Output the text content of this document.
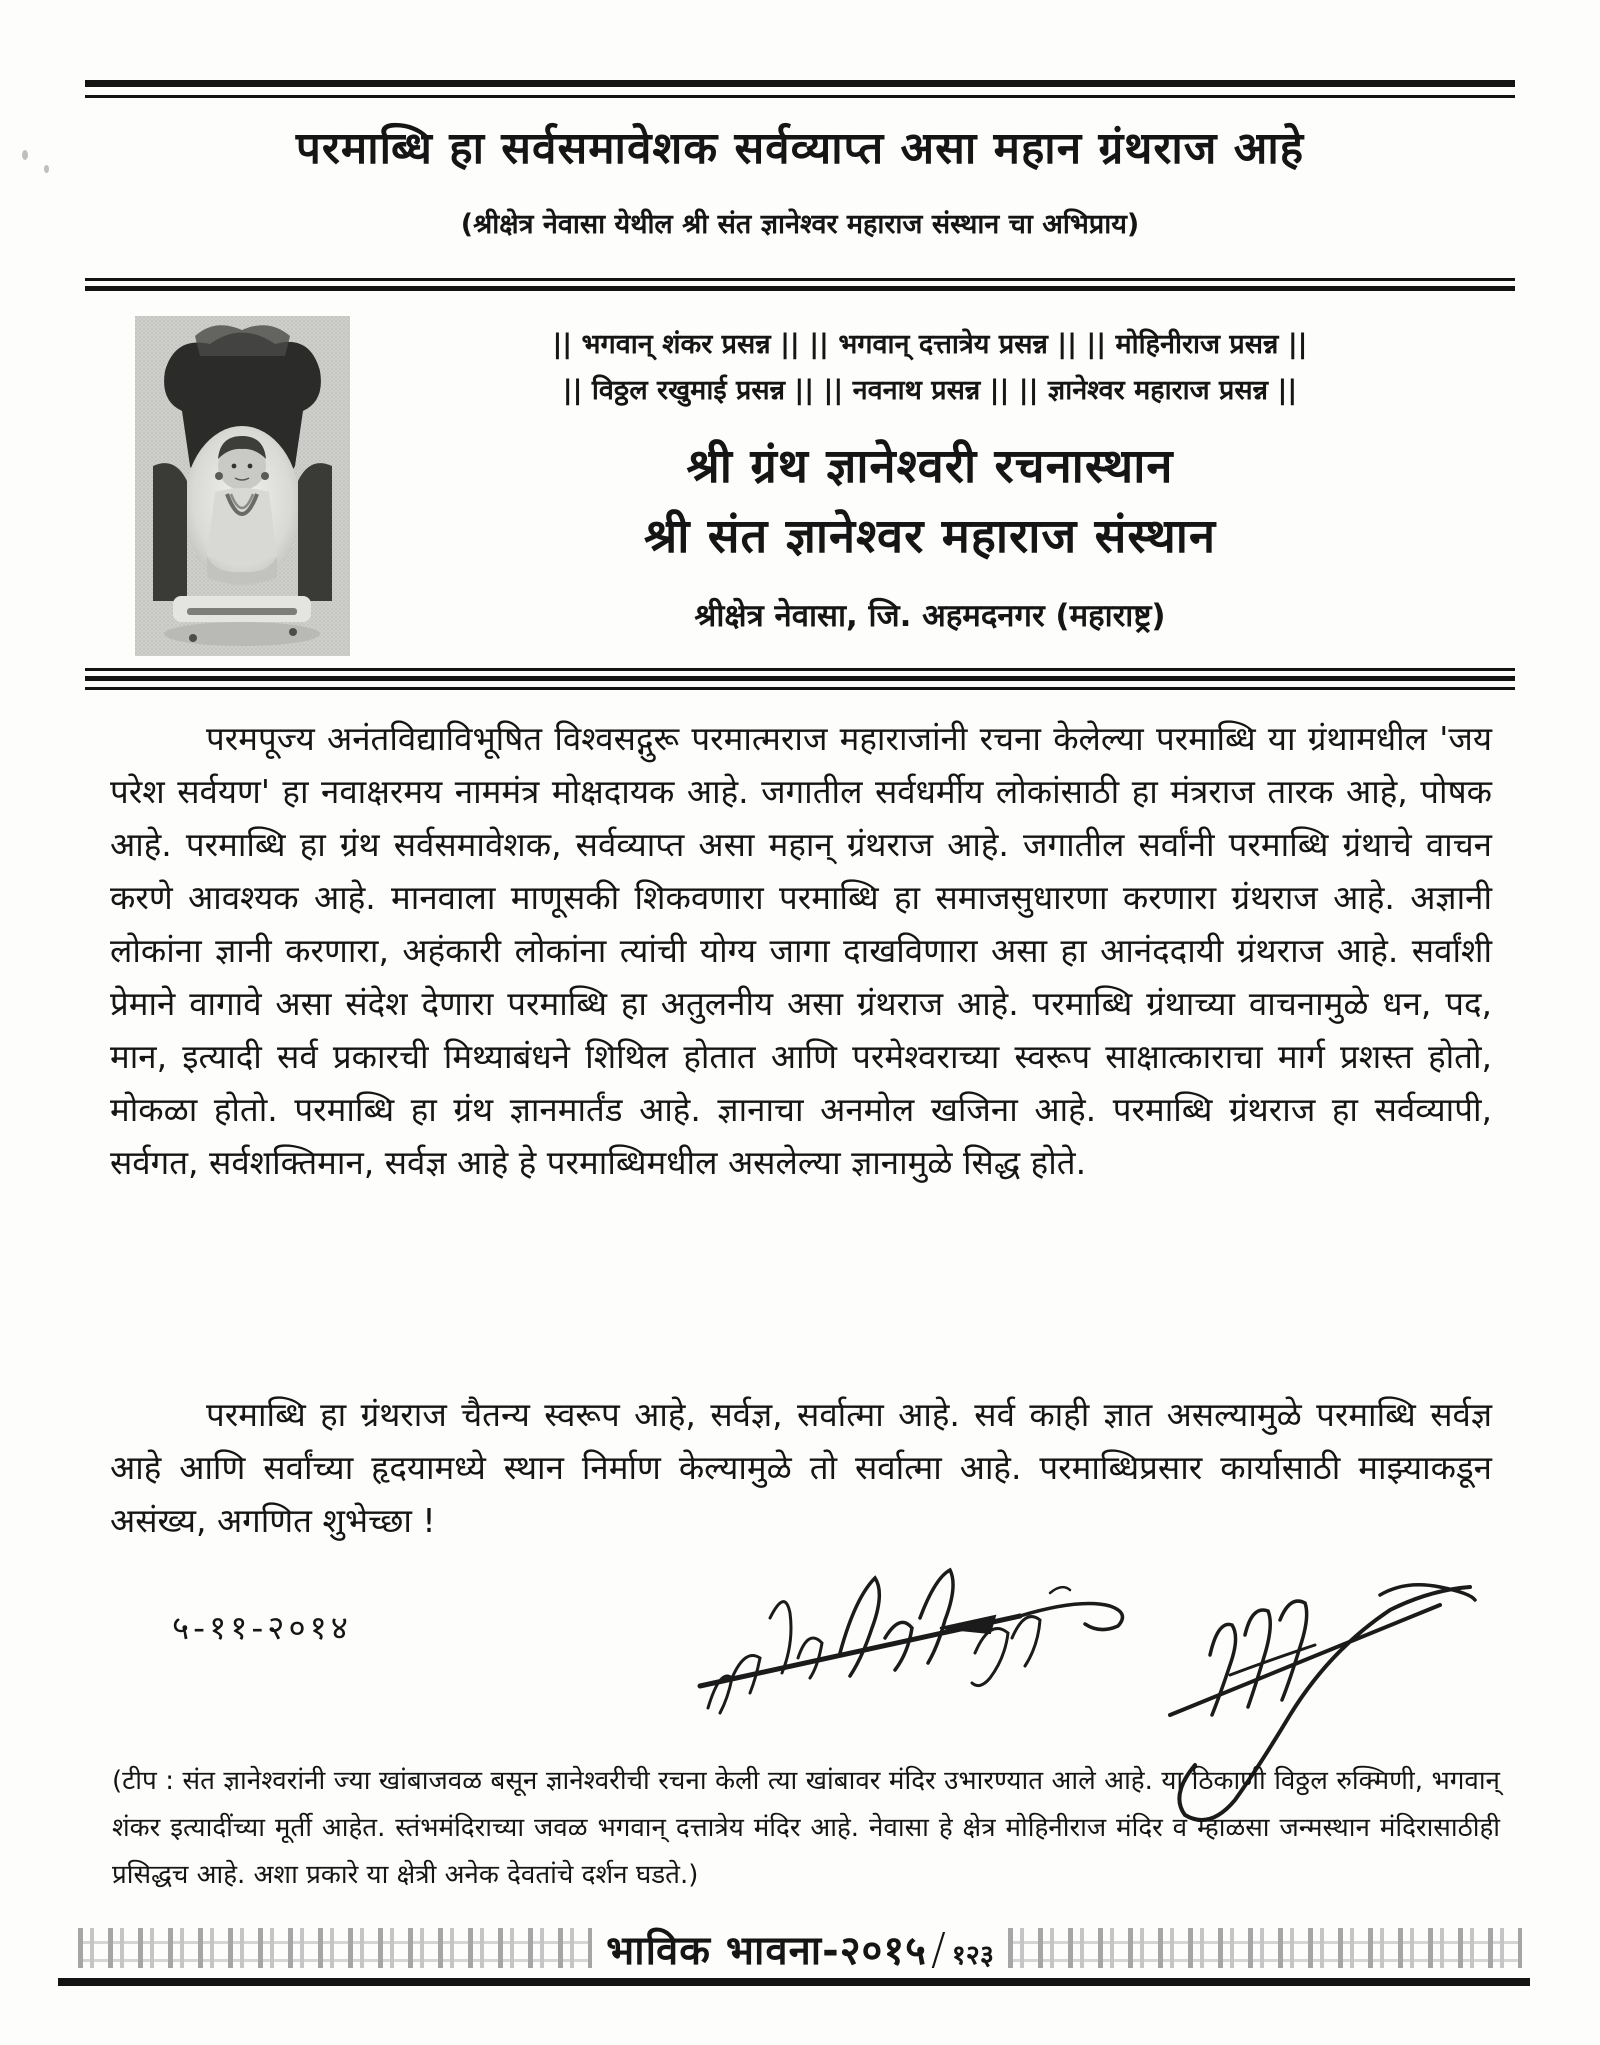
परमाब्धि हा सर्वसमावेशक सर्वव्याप्त असा महान ग्रंथराज आहे
(श्रीक्षेत्र नेवासा येथील श्री संत ज्ञानेश्वर महाराज संस्थान चा अभिप्राय)
|| भगवान् शंकर प्रसन्न || || भगवान् दत्तात्रेय प्रसन्न || || मोहिनीराज प्रसन्न ||
|| विठ्ठल रखुमाई प्रसन्न || || नवनाथ प्रसन्न || || ज्ञानेश्वर महाराज प्रसन्न ||
श्री ग्रंथ ज्ञानेश्वरी रचनास्थान
श्री संत ज्ञानेश्वर महाराज संस्थान
श्रीक्षेत्र नेवासा, जि. अहमदनगर (महाराष्ट्र)
परमपूज्य अनंतविद्याविभूषित विश्वसद्गुरू परमात्मराज महाराजांनी रचना केलेल्या परमाब्धि या ग्रंथामधील 'जय परेश सर्वयण' हा नवाक्षरमय नाममंत्र मोक्षदायक आहे. जगातील सर्वधर्मीय लोकांसाठी हा मंत्रराज तारक आहे, पोषक आहे. परमाब्धि हा ग्रंथ सर्वसमावेशक, सर्वव्याप्त असा महान् ग्रंथराज आहे. जगातील सर्वांनी परमाब्धि ग्रंथाचे वाचन करणे आवश्यक आहे. मानवाला माणूसकी शिकवणारा परमाब्धि हा समाजसुधारणा करणारा ग्रंथराज आहे. अज्ञानी लोकांना ज्ञानी करणारा, अहंकारी लोकांना त्यांची योग्य जागा दाखविणारा असा हा आनंददायी ग्रंथराज आहे. सर्वांशी प्रेमाने वागावे असा संदेश देणारा परमाब्धि हा अतुलनीय असा ग्रंथराज आहे. परमाब्धि ग्रंथाच्या वाचनामुळे धन, पद, मान, इत्यादी सर्व प्रकारची मिथ्याबंधने शिथिल होतात आणि परमेश्वराच्या स्वरूप साक्षात्काराचा मार्ग प्रशस्त होतो, मोकळा होतो. परमाब्धि हा ग्रंथ ज्ञानमार्तंड आहे. ज्ञानाचा अनमोल खजिना आहे. परमाब्धि ग्रंथराज हा सर्वव्यापी, सर्वगत, सर्वशक्तिमान, सर्वज्ञ आहे हे परमाब्धिमधील असलेल्या ज्ञानामुळे सिद्ध होते.
परमाब्धि हा ग्रंथराज चैतन्य स्वरूप आहे, सर्वज्ञ, सर्वात्मा आहे. सर्व काही ज्ञात असल्यामुळे परमाब्धि सर्वज्ञ आहे आणि सर्वांच्या हृदयामध्ये स्थान निर्माण केल्यामुळे तो सर्वात्मा आहे. परमाब्धिप्रसार कार्यासाठी माझ्याकडून असंख्य, अगणित शुभेच्छा !
५-११-२०१४
(टीप : संत ज्ञानेश्वरांनी ज्या खांबाजवळ बसून ज्ञानेश्वरीची रचना केली त्या खांबावर मंदिर उभारण्यात आले आहे. या ठिकाणी विठ्ठल रुक्मिणी, भगवान् शंकर इत्यादींच्या मूर्ती आहेत. स्तंभमंदिराच्या जवळ भगवान् दत्तात्रेय मंदिर आहे. नेवासा हे क्षेत्र मोहिनीराज मंदिर व म्हाळसा जन्मस्थान मंदिरासाठीही प्रसिद्धच आहे. अशा प्रकारे या क्षेत्री अनेक देवतांचे दर्शन घडते.)
भाविक भावना-२०१५ / १२३
